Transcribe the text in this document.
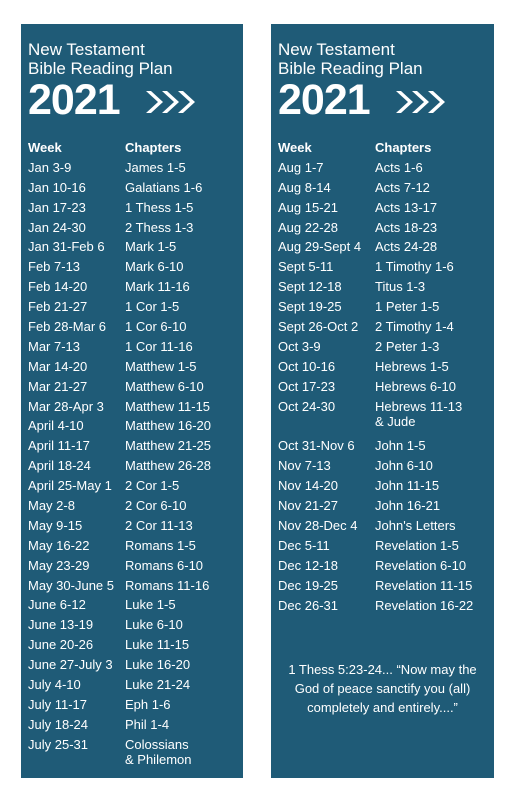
New Testament
Bible Reading Plan
2021
Week	Chapters
Jan 3-9	James 1-5
Jan 10-16	Galatians 1-6
Jan 17-23	1 Thess 1-5
Jan 24-30	2 Thess 1-3
Jan 31-Feb 6	Mark 1-5
Feb 7-13	Mark 6-10
Feb 14-20	Mark 11-16
Feb 21-27	1 Cor 1-5
Feb 28-Mar 6	1 Cor 6-10
Mar 7-13	1 Cor 11-16
Mar 14-20	Matthew 1-5
Mar 21-27	Matthew 6-10
Mar 28-Apr 3	Matthew 11-15
April 4-10	Matthew 16-20
April 11-17	Matthew 21-25
April 18-24	Matthew 26-28
April 25-May 1	2 Cor 1-5
May 2-8	2 Cor 6-10
May 9-15	2 Cor 11-13
May 16-22	Romans 1-5
May 23-29	Romans 6-10
May 30-June 5 Romans 11-16
June 6-12	Luke 1-5
June 13-19	Luke 6-10
June 20-26	Luke 11-15
June 27-July 3 Luke 16-20
July 4-10	Luke 21-24
July 11-17	Eph 1-6
July 18-24	Phil 1-4
July 25-31	Colossians
& Philemon
New Testament
Bible Reading Plan
2021
Week	Chapters
Aug 1-7	Acts 1-6
Aug 8-14	Acts 7-12
Aug 15-21	Acts 13-17
Aug 22-28	Acts 18-23
Aug 29-Sept 4	Acts 24-28
Sept 5-11	1 Timothy 1-6
Sept 12-18	Titus 1-3
Sept 19-25	1 Peter 1-5
Sept 26-Oct 2	2 Timothy 1-4
Oct 3-9	2 Peter 1-3
Oct 10-16	Hebrews 1-5
Oct 17-23	Hebrews 6-10
Oct 24-30	Hebrews 11-13
& Jude
Oct 31-Nov 6	John 1-5
Nov 7-13	John 6-10
Nov 14-20	John 11-15
Nov 21-27	John 16-21
Nov 28-Dec 4	John's Letters
Dec 5-11	Revelation 1-5
Dec 12-18	Revelation 6-10
Dec 19-25	Revelation 11-15
Dec 26-31	Revelation 16-22
1 Thess 5:23-24... “Now may the
God of peace sanctify you (all)
completely and entirely....”
